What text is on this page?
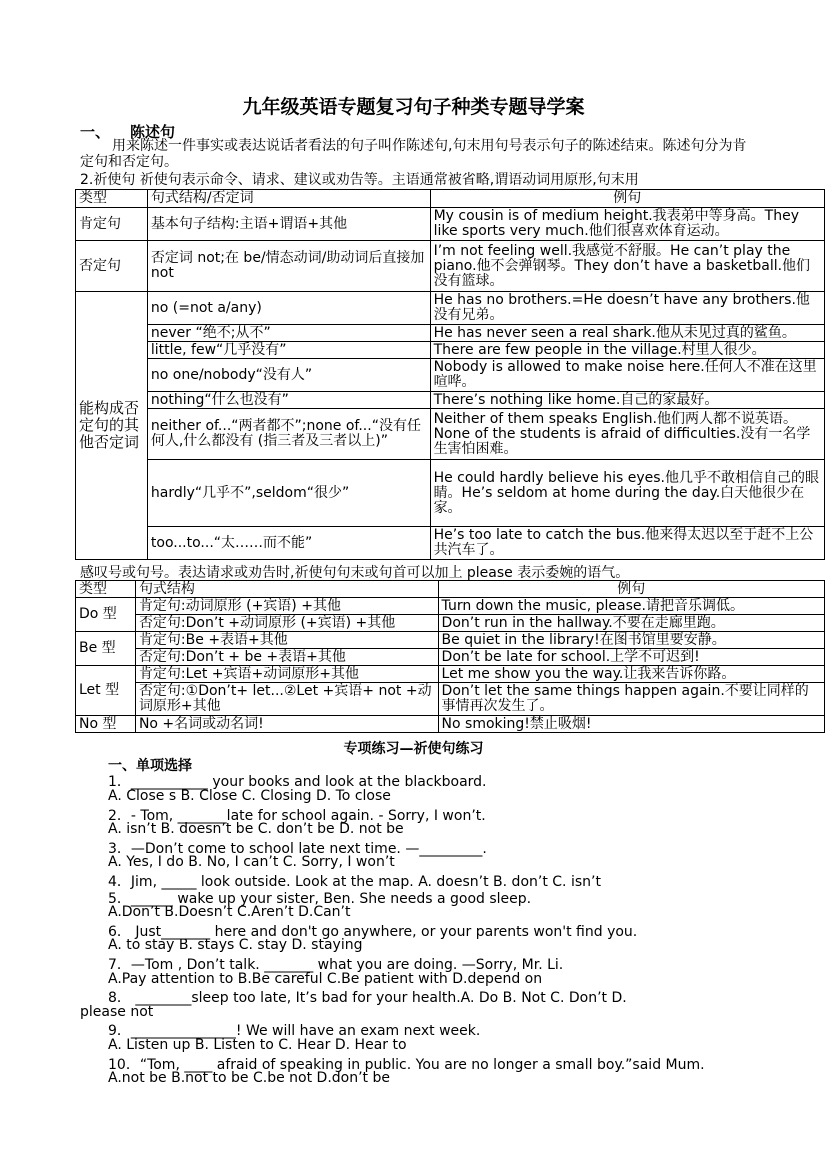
九年级英语专题复习句子种类专题导学案
一、 陈述句
用来陈述一件事实或表达说话者看法的句子叫作陈述句,句末用句号表示句子的陈述结束。陈述句分为肯定句和否定句。
2.祈使句 祈使句表示命令、请求、建议或劝告等。主语通常被省略,谓语动词用原形,句末用
类型	句式结构/否定词	例句
肯定句	基本句子结构:主语+谓语+其他	My cousin is of medium height.我表弟中等身高。They like sports very much.他们很喜欢体育运动。
否定句	否定词 not;在 be/情态动词/助动词后直接加 not	I’m not feeling well.我感觉不舒服。He can’t play the piano.他不会弹钢琴。They don’t have a basketball.他们没有篮球。
能构成否定句的其他否定词	no (=not a/any)	He has no brothers.=He doesn’t have any brothers.他没有兄弟。
	never “绝不;从不”	He has never seen a real shark.他从未见过真的鲨鱼。
	little, few“几乎没有”	There are few people in the village.村里人很少。
	no one/nobody“没有人”	Nobody is allowed to make noise here.任何人不准在这里喧哗。
	nothing“什么也没有”	There’s nothing like home.自己的家最好。
	neither of...“两者都不”;none of...“没有任何人,什么都没有 (指三者及三者以上)”	Neither of them speaks English.他们两人都不说英语。None of the students is afraid of difficulties.没有一名学生害怕困难。
	hardly“几乎不”,seldom“很少”	He could hardly believe his eyes.他几乎不敢相信自己的眼睛。He’s seldom at home during the day.白天他很少在家。
	too...to...“太……而不能”	He’s too late to catch the bus.他来得太迟以至于赶不上公共汽车了。
感叹号或句号。表达请求或劝告时,祈使句句末或句首可以加上 please 表示委婉的语气。
类型	句式结构	例句
Do 型	肯定句:动词原形 (+宾语) +其他	Turn down the music, please.请把音乐调低。
	否定句:Don’t +动词原形 (+宾语) +其他	Don’t run in the hallway.不要在走廊里跑。
Be 型	肯定句:Be +表语+其他	Be quiet in the library!在图书馆里要安静。
	否定句:Don’t + be +表语+其他	Don’t be late for school.上学不可迟到!
Let 型	肯定句:Let +宾语+动词原形+其他	Let me show you the way.让我来告诉你路。
	否定句:①Don’t+ let...②Let +宾语+ not +动词原形+其他	Don’t let the same things happen again.不要让同样的事情再次发生了。
No 型	No +名词或动名词!	No smoking!禁止吸烟!
专项练习—祈使句练习
一、单项选择
1．___________ your books and look at the blackboard.
A. Close s B. Close C. Closing D. To close
2．- Tom, _______late for school again. - Sorry, I won’t.
A. isn’t B. doesn’t be C. don’t be D. not be
3．—Don’t come to school late next time. —_________.
A. Yes, I do B. No, I can’t C. Sorry, I won’t
4．Jim, _____ look outside. Look at the map. A. doesn’t B. don’t C. isn’t
5．______ wake up your sister, Ben. She needs a good sleep.
A.Don’t B.Doesn’t C.Aren’t D.Can’t
6． Just_______ here and don't go anywhere, or your parents won't find you.
A. to stay B. stays C. stay D. staying
7．—Tom , Don’t talk. _______ what you are doing. —Sorry, Mr. Li.
A.Pay attention to B.Be careful C.Be patient with D.depend on
8． ________sleep too late, It’s bad for your health.A. Do B. Not C. Don’t D.
please not
9．_______________! We will have an exam next week.
A. Listen up B. Listen to C. Hear D. Hear to
10．“Tom, ____ afraid of speaking in public. You are no longer a small boy.”said Mum.
A.not be B.not to be C.be not D.don’t be
